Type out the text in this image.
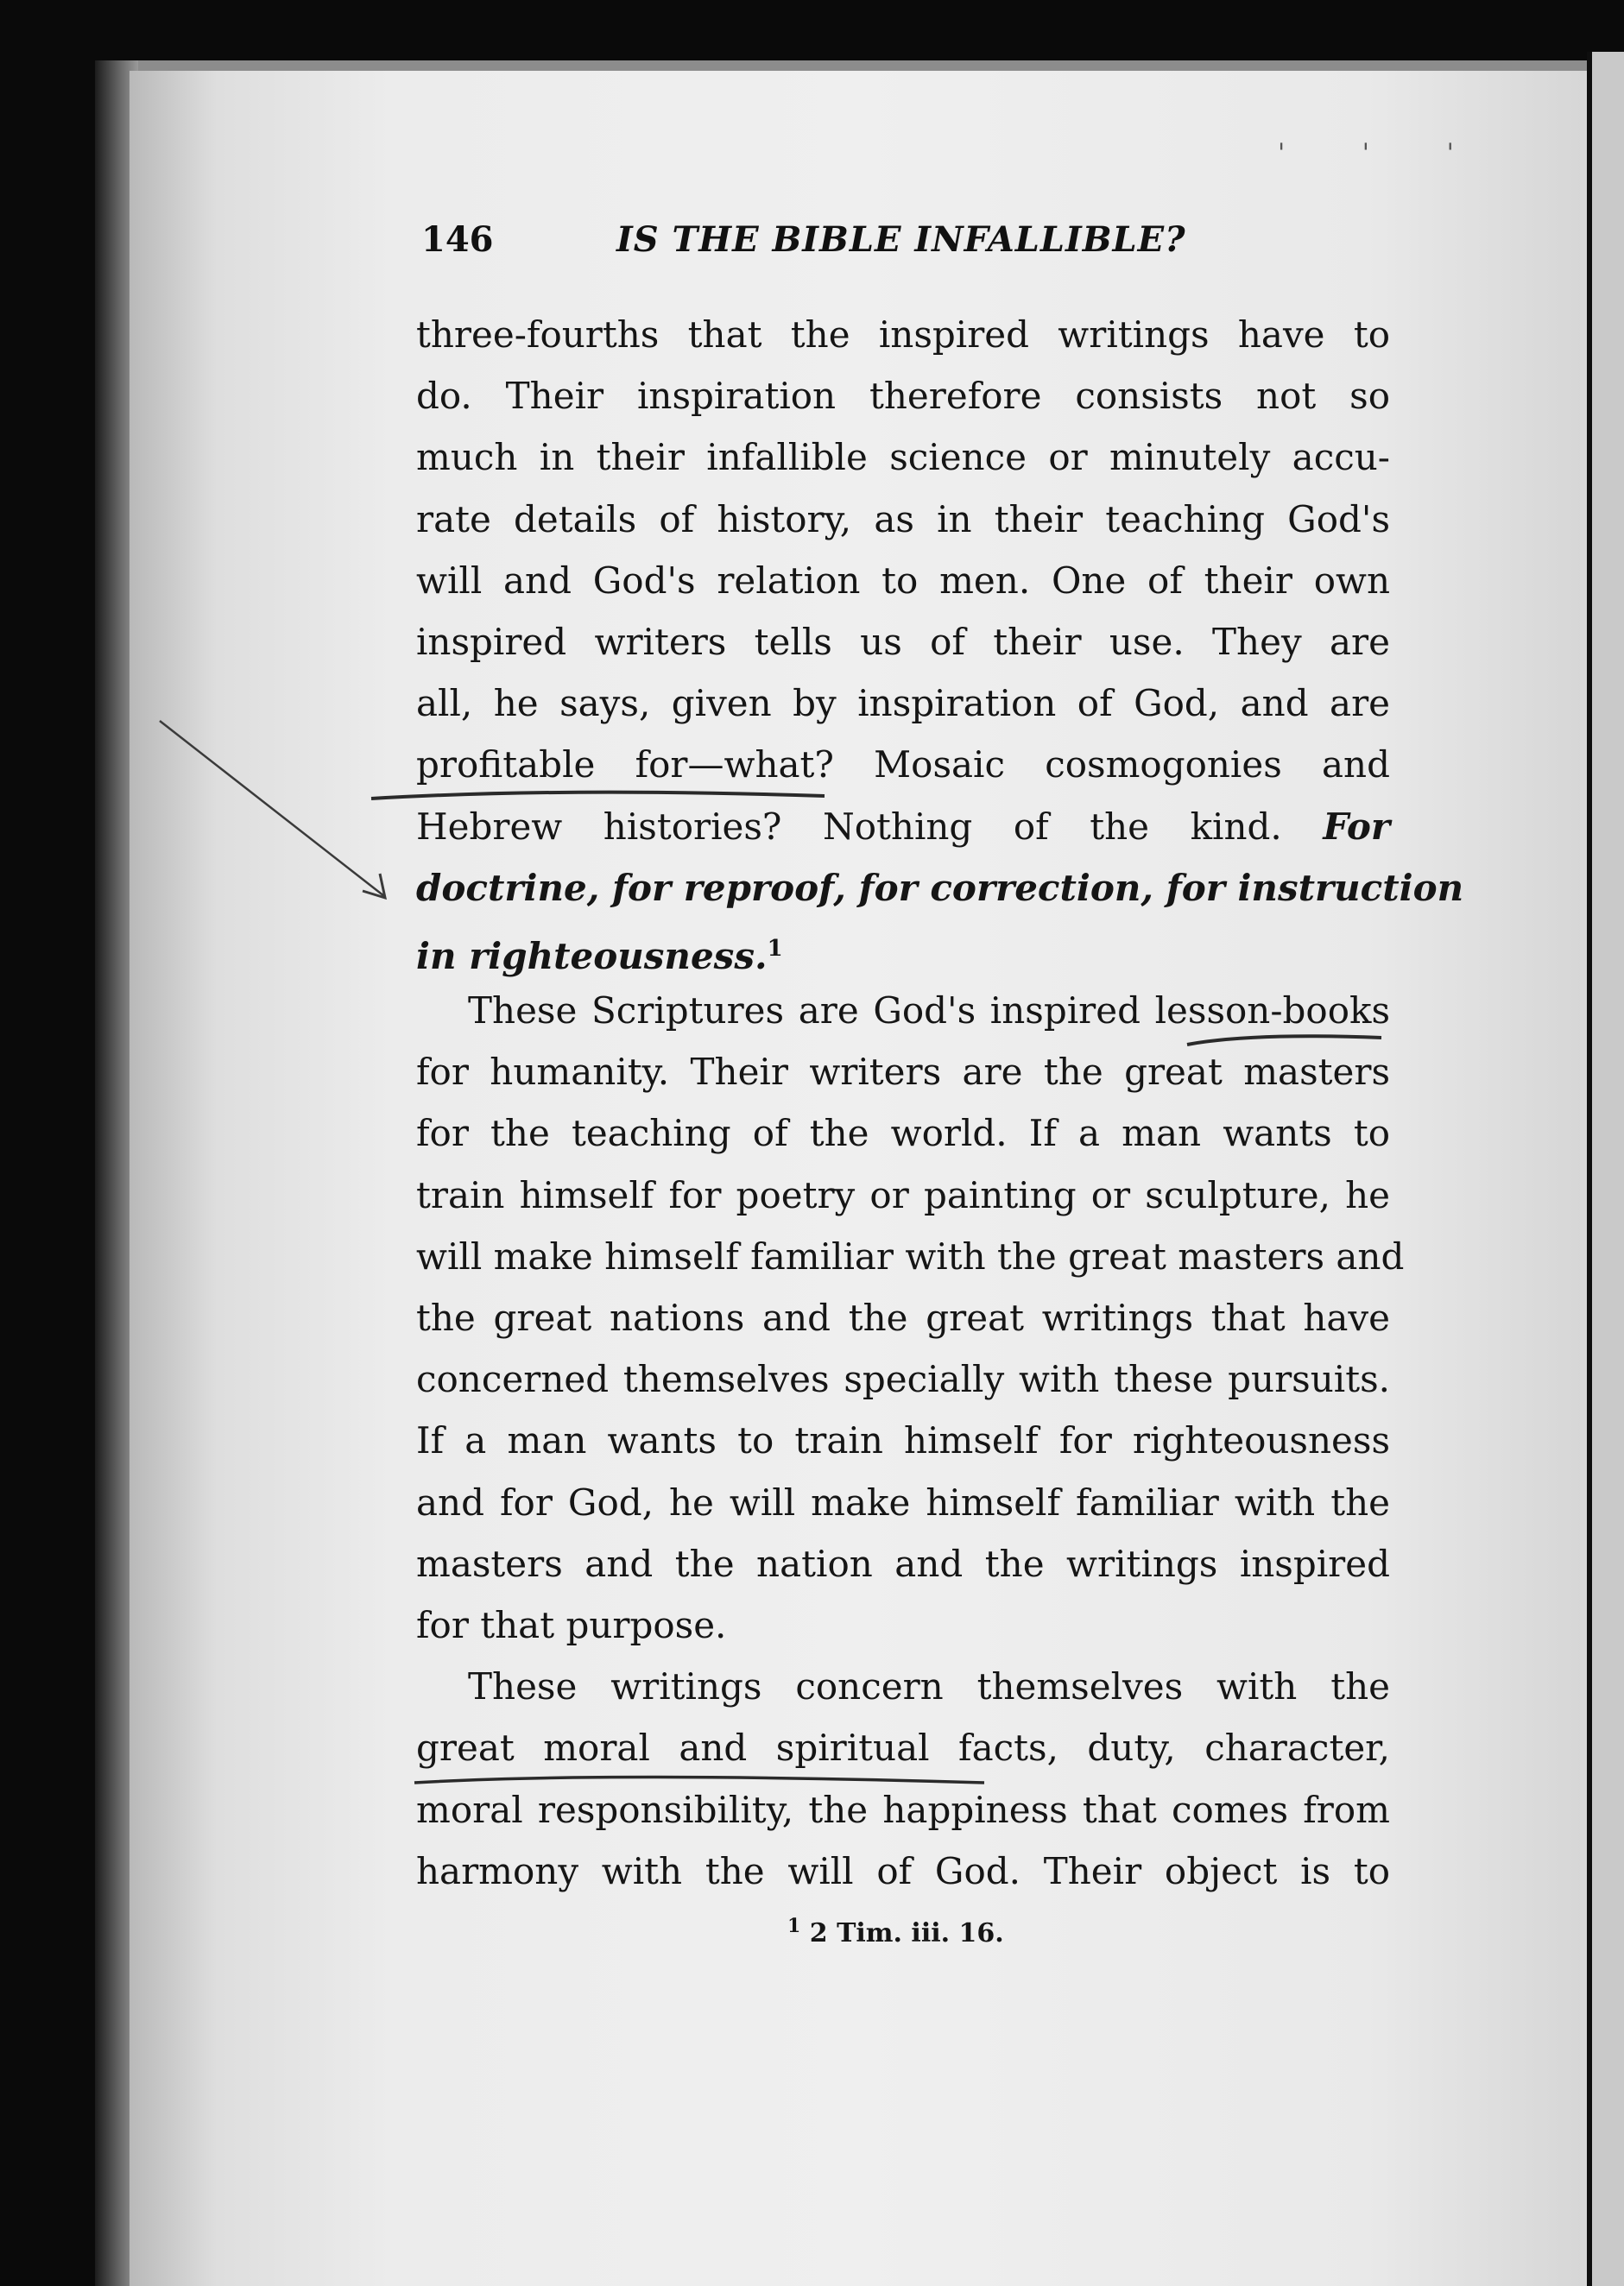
' ' '
146	IS THE BIBLE INFALLIBLE?
three-fourths that the inspired writings have to
do. Their inspiration therefore consists not so
much in their infallible science or minutely accu-
rate details of history, as in their teaching God's
will and God's relation to men. One of their own
inspired writers tells us of their use. They are
all, he says, given by inspiration of God, and are
profitable for—what? Mosaic cosmogonies and
Hebrew histories? Nothing of the kind. For
doctrine, for reproof, for correction, for instruction
in righteousness.$^1$
These Scriptures are God's inspired lesson-books
for humanity. Their writers are the great masters
for the teaching of the world. If a man wants to
train himself for poetry or painting or sculpture, he
will make himself familiar with the great masters and
the great nations and the great writings that have
concerned themselves specially with these pursuits.
If a man wants to train himself for righteousness
and for God, he will make himself familiar with the
masters and the nation and the writings inspired
for that purpose.
These writings concern themselves with the
great moral and spiritual facts, duty, character,
moral responsibility, the happiness that comes from
harmony with the will of God. Their object is to
$^1$ 2 Tim. iii. 16.
